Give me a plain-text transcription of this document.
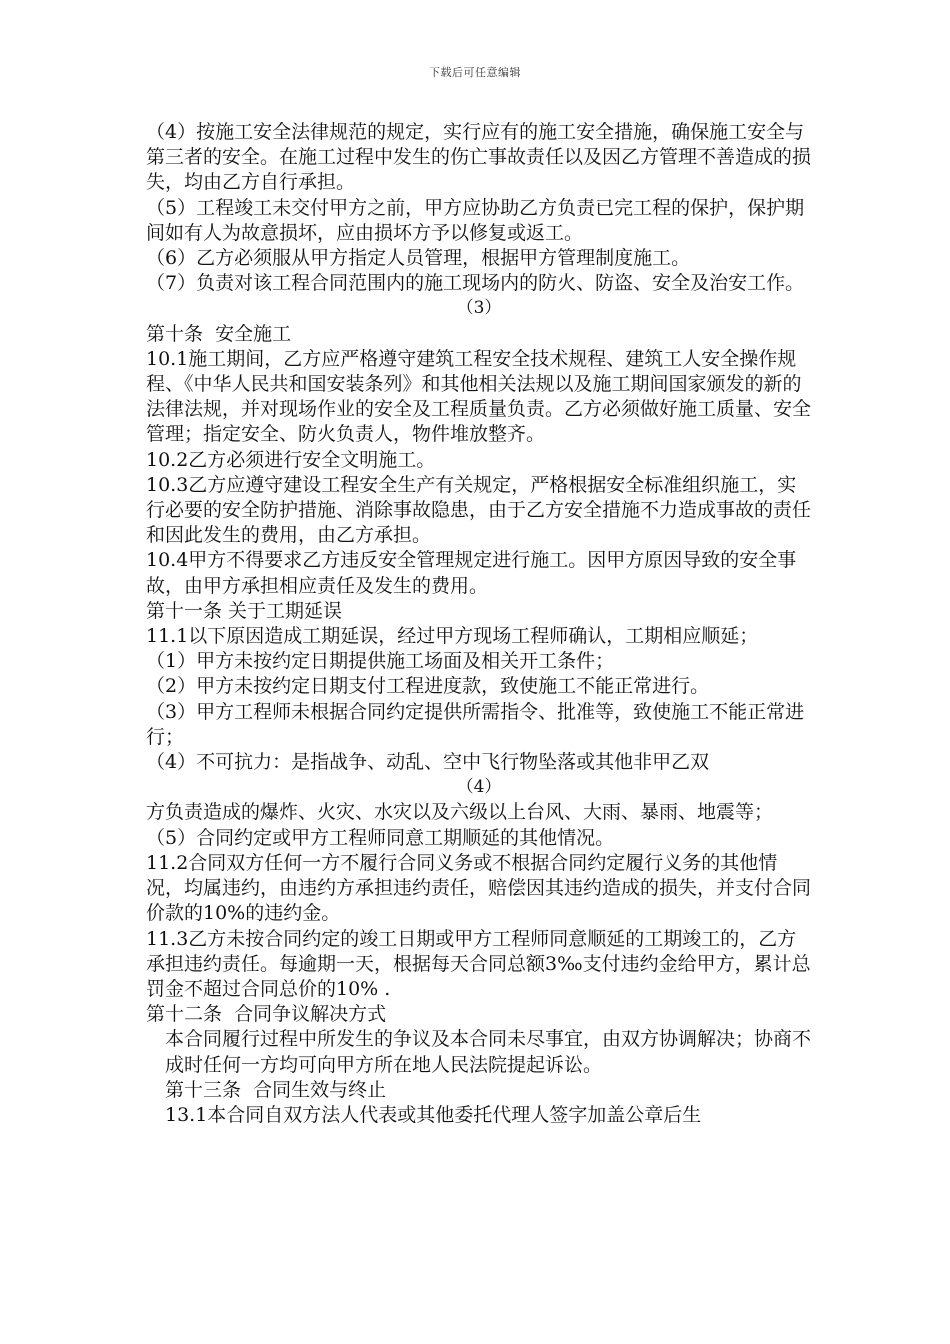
下载后可任意编辑
（4）按施工安全法律规范的规定，实行应有的施工安全措施，确保施工安全与第三者的安全。在施工过程中发生的伤亡事故责任以及因乙方管理不善造成的损失，均由乙方自行承担。
（5）工程竣工未交付甲方之前，甲方应协助乙方负责已完工程的保护，保护期间如有人为故意损坏，应由损坏方予以修复或返工。
（6）乙方必须服从甲方指定人员管理，根据甲方管理制度施工。
（7）负责对该工程合同范围内的施工现场内的防火、防盗、安全及治安工作。
（3）
第十条  安全施工
10.1施工期间，乙方应严格遵守建筑工程安全技术规程、建筑工人安全操作规程、《中华人民共和国安装条列》和其他相关法规以及施工期间国家颁发的新的法律法规，并对现场作业的安全及工程质量负责。乙方必须做好施工质量、安全管理；指定安全、防火负责人，物件堆放整齐。
10.2乙方必须进行安全文明施工。
10.3乙方应遵守建设工程安全生产有关规定，严格根据安全标准组织施工，实行必要的安全防护措施、消除事故隐患，由于乙方安全措施不力造成事故的责任和因此发生的费用，由乙方承担。
10.4甲方不得要求乙方违反安全管理规定进行施工。因甲方原因导致的安全事故，由甲方承担相应责任及发生的费用。
第十一条 关于工期延误
11.1以下原因造成工期延误，经过甲方现场工程师确认，工期相应顺延；
（1）甲方未按约定日期提供施工场面及相关开工条件；
（2）甲方未按约定日期支付工程进度款，致使施工不能正常进行。
（3）甲方工程师未根据合同约定提供所需指令、批准等，致使施工不能正常进行；
（4）不可抗力：是指战争、动乱、空中飞行物坠落或其他非甲乙双
（4）
方负责造成的爆炸、火灾、水灾以及六级以上台风、大雨、暴雨、地震等；
（5）合同约定或甲方工程师同意工期顺延的其他情况。
11.2合同双方任何一方不履行合同义务或不根据合同约定履行义务的其他情况，均属违约，由违约方承担违约责任，赔偿因其违约造成的损失，并支付合同价款的10%的违约金。
11.3乙方未按合同约定的竣工日期或甲方工程师同意顺延的工期竣工的，乙方承担违约责任。每逾期一天，根据每天合同总额3‰支付违约金给甲方，累计总罚金不超过合同总价的10% .
第十二条  合同争议解决方式
本合同履行过程中所发生的争议及本合同未尽事宜，由双方协调解决；协商不成时任何一方均可向甲方所在地人民法院提起诉讼。
第十三条  合同生效与终止
13.1本合同自双方法人代表或其他委托代理人签字加盖公章后生
